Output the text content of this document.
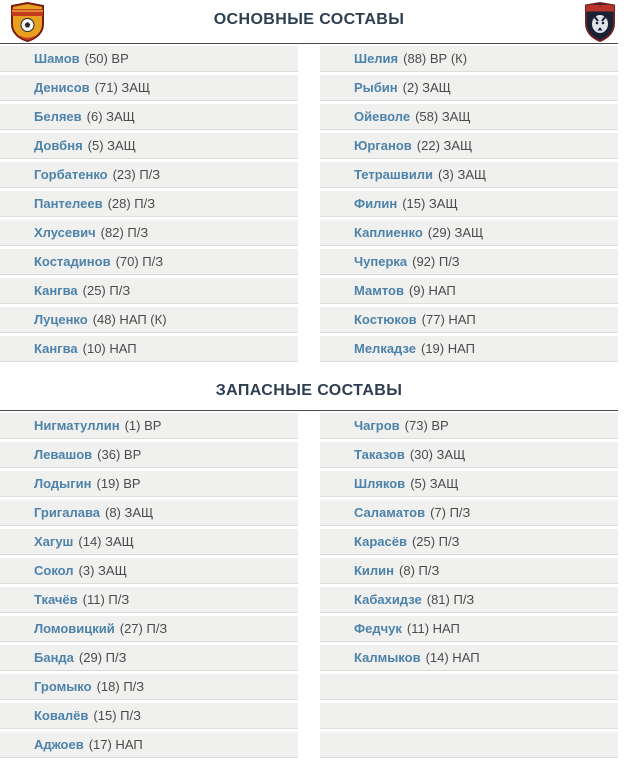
ОСНОВНЫЕ СОСТАВЫ
Шамов (50) ВР
Денисов (71) ЗАЩ
Беляев (6) ЗАЩ
Довбня (5) ЗАЩ
Горбатенко (23) П/З
Пантелеев (28) П/З
Хлусевич (82) П/З
Костадинов (70) П/З
Кангва (25) П/З
Луценко (48) НАП (К)
Кангва (10) НАП
Шелия (88) ВР (К)
Рыбин (2) ЗАЩ
Ойеволе (58) ЗАЩ
Юрганов (22) ЗАЩ
Тетрашвили (3) ЗАЩ
Филин (15) ЗАЩ
Каплиенко (29) ЗАЩ
Чуперка (92) П/З
Мамтов (9) НАП
Костюков (77) НАП
Мелкадзе (19) НАП
ЗАПАСНЫЕ СОСТАВЫ
Нигматуллин (1) ВР
Левашов (36) ВР
Лодыгин (19) ВР
Григалава (8) ЗАЩ
Хагуш (14) ЗАЩ
Сокол (3) ЗАЩ
Ткачёв (11) П/З
Ломовицкий (27) П/З
Банда (29) П/З
Громыко (18) П/З
Ковалёв (15) П/З
Аджоев (17) НАП
Чагров (73) ВР
Таказов (30) ЗАЩ
Шляков (5) ЗАЩ
Саламатов (7) П/З
Карасёв (25) П/З
Килин (8) П/З
Кабахидзе (81) П/З
Федчук (11) НАП
Калмыков (14) НАП
